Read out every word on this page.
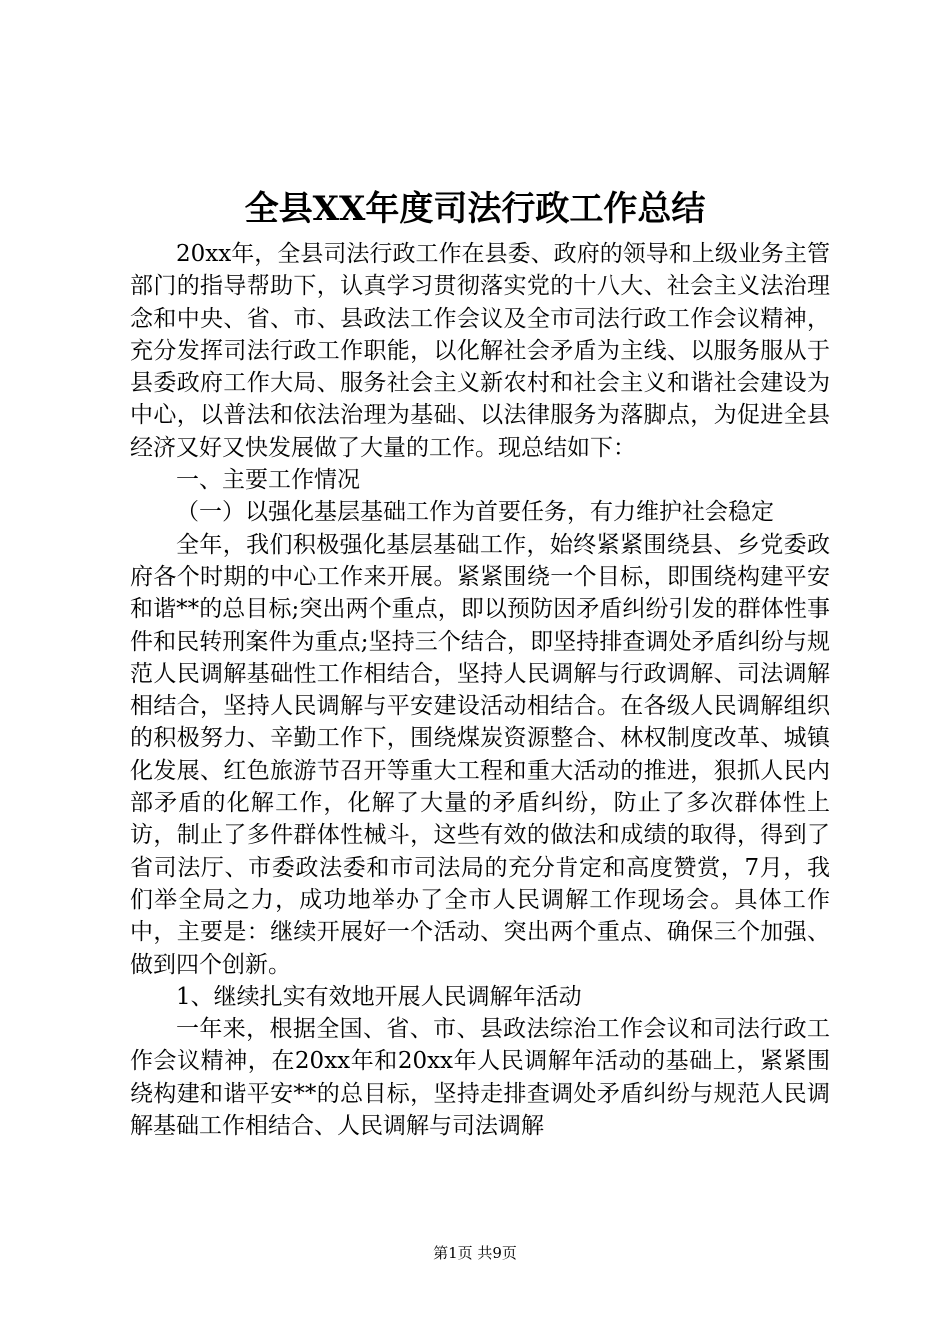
全县XX年度司法行政工作总结

20xx年，全县司法行政工作在县委、政府的领导和上级业务主管部门的指导帮助下，认真学习贯彻落实党的十八大、社会主义法治理念和中央、省、市、县政法工作会议及全市司法行政工作会议精神，充分发挥司法行政工作职能，以化解社会矛盾为主线、以服务服从于县委政府工作大局、服务社会主义新农村和社会主义和谐社会建设为中心，以普法和依法治理为基础、以法律服务为落脚点，为促进全县经济又好又快发展做了大量的工作。现总结如下：

一、主要工作情况

（一）以强化基层基础工作为首要任务，有力维护社会稳定

全年，我们积极强化基层基础工作，始终紧紧围绕县、乡党委政府各个时期的中心工作来开展。紧紧围绕一个目标，即围绕构建平安和谐**的总目标;突出两个重点，即以预防因矛盾纠纷引发的群体性事件和民转刑案件为重点;坚持三个结合，即坚持排查调处矛盾纠纷与规范人民调解基础性工作相结合，坚持人民调解与行政调解、司法调解相结合，坚持人民调解与平安建设活动相结合。在各级人民调解组织的积极努力、辛勤工作下，围绕煤炭资源整合、林权制度改革、城镇化发展、红色旅游节召开等重大工程和重大活动的推进，狠抓人民内部矛盾的化解工作，化解了大量的矛盾纠纷，防止了多次群体性上访，制止了多件群体性械斗，这些有效的做法和成绩的取得，得到了省司法厅、市委政法委和市司法局的充分肯定和高度赞赏，7月，我们举全局之力，成功地举办了全市人民调解工作现场会。具体工作中，主要是：继续开展好一个活动、突出两个重点、确保三个加强、做到四个创新。

1、继续扎实有效地开展人民调解年活动

一年来，根据全国、省、市、县政法综治工作会议和司法行政工作会议精神，在20xx年和20xx年人民调解年活动的基础上，紧紧围绕构建和谐平安**的总目标，坚持走排查调处矛盾纠纷与规范人民调解基础工作相结合、人民调解与司法调解

第1页 共9页
